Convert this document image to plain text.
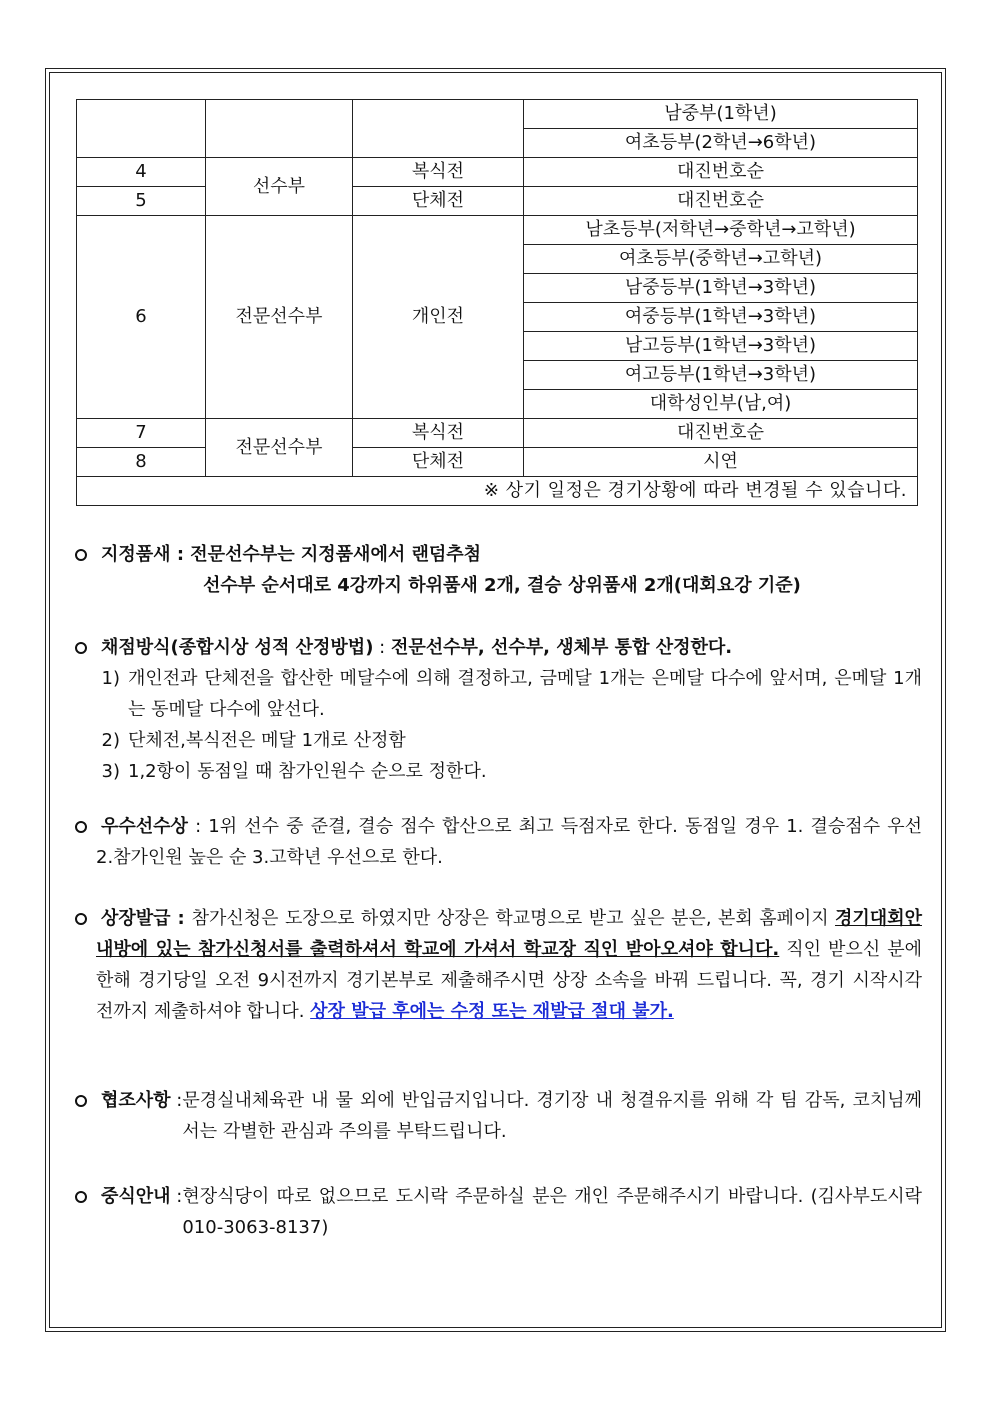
			남중부(1학년)
			여초등부(2학년→6학년)
4	선수부	복식전	대진번호순
5		단체전	대진번호순
6	전문선수부	개인전	남초등부(저학년→중학년→고학년)
			여초등부(중학년→고학년)
			남중등부(1학년→3학년)
			여중등부(1학년→3학년)
			남고등부(1학년→3학년)
			여고등부(1학년→3학년)
			대학성인부(남,여)
7	전문선수부	복식전	대진번호순
8		단체전	시연
※ 상기 일정은 경기상황에 따라 변경될 수 있습니다.			
지정품새 : 전문선수부는 지정품새에서 랜덤추첨
선수부 순서대로 4강까지 하위품새 2개, 결승 상위품새 2개(대회요강 기준)
채점방식(종합시상 성적 산정방법) : 전문선수부, 선수부, 생체부 통합 산정한다.
1) 개인전과 단체전을 합산한 메달수에 의해 결정하고, 금메달 1개는 은메달 다수에 앞서며, 은메달 1개는 동메달 다수에 앞선다.
2) 단체전,복식전은 메달 1개로 산정함
3) 1,2항이 동점일 때 참가인원수 순으로 정한다.
우수선수상 : 1위 선수 중 준결, 결승 점수 합산으로 최고 득점자로 한다. 동점일 경우 1. 결승점수 우선 2.참가인원 높은 순 3.고학년 우선으로 한다.
상장발급 : 참가신청은 도장으로 하였지만 상장은 학교명으로 받고 싶은 분은, 본회 홈페이지 경기대회안내방에 있는 참가신청서를 출력하셔서 학교에 가셔서 학교장 직인 받아오셔야 합니다. 직인 받으신 분에 한해 경기당일 오전 9시전까지 경기본부로 제출해주시면 상장 소속을 바꿔 드립니다. 꼭, 경기 시작시각 전까지 제출하셔야 합니다. 상장 발급 후에는 수정 또는 재발급 절대 불가.
협조사항 : 문경실내체육관 내 물 외에 반입금지입니다. 경기장 내 청결유지를 위해 각 팀 감독, 코치님께서는 각별한 관심과 주의를 부탁드립니다.
중식안내 : 현장식당이 따로 없으므로 도시락 주문하실 분은 개인 주문해주시기 바랍니다. (김사부도시락 010-3063-8137)
